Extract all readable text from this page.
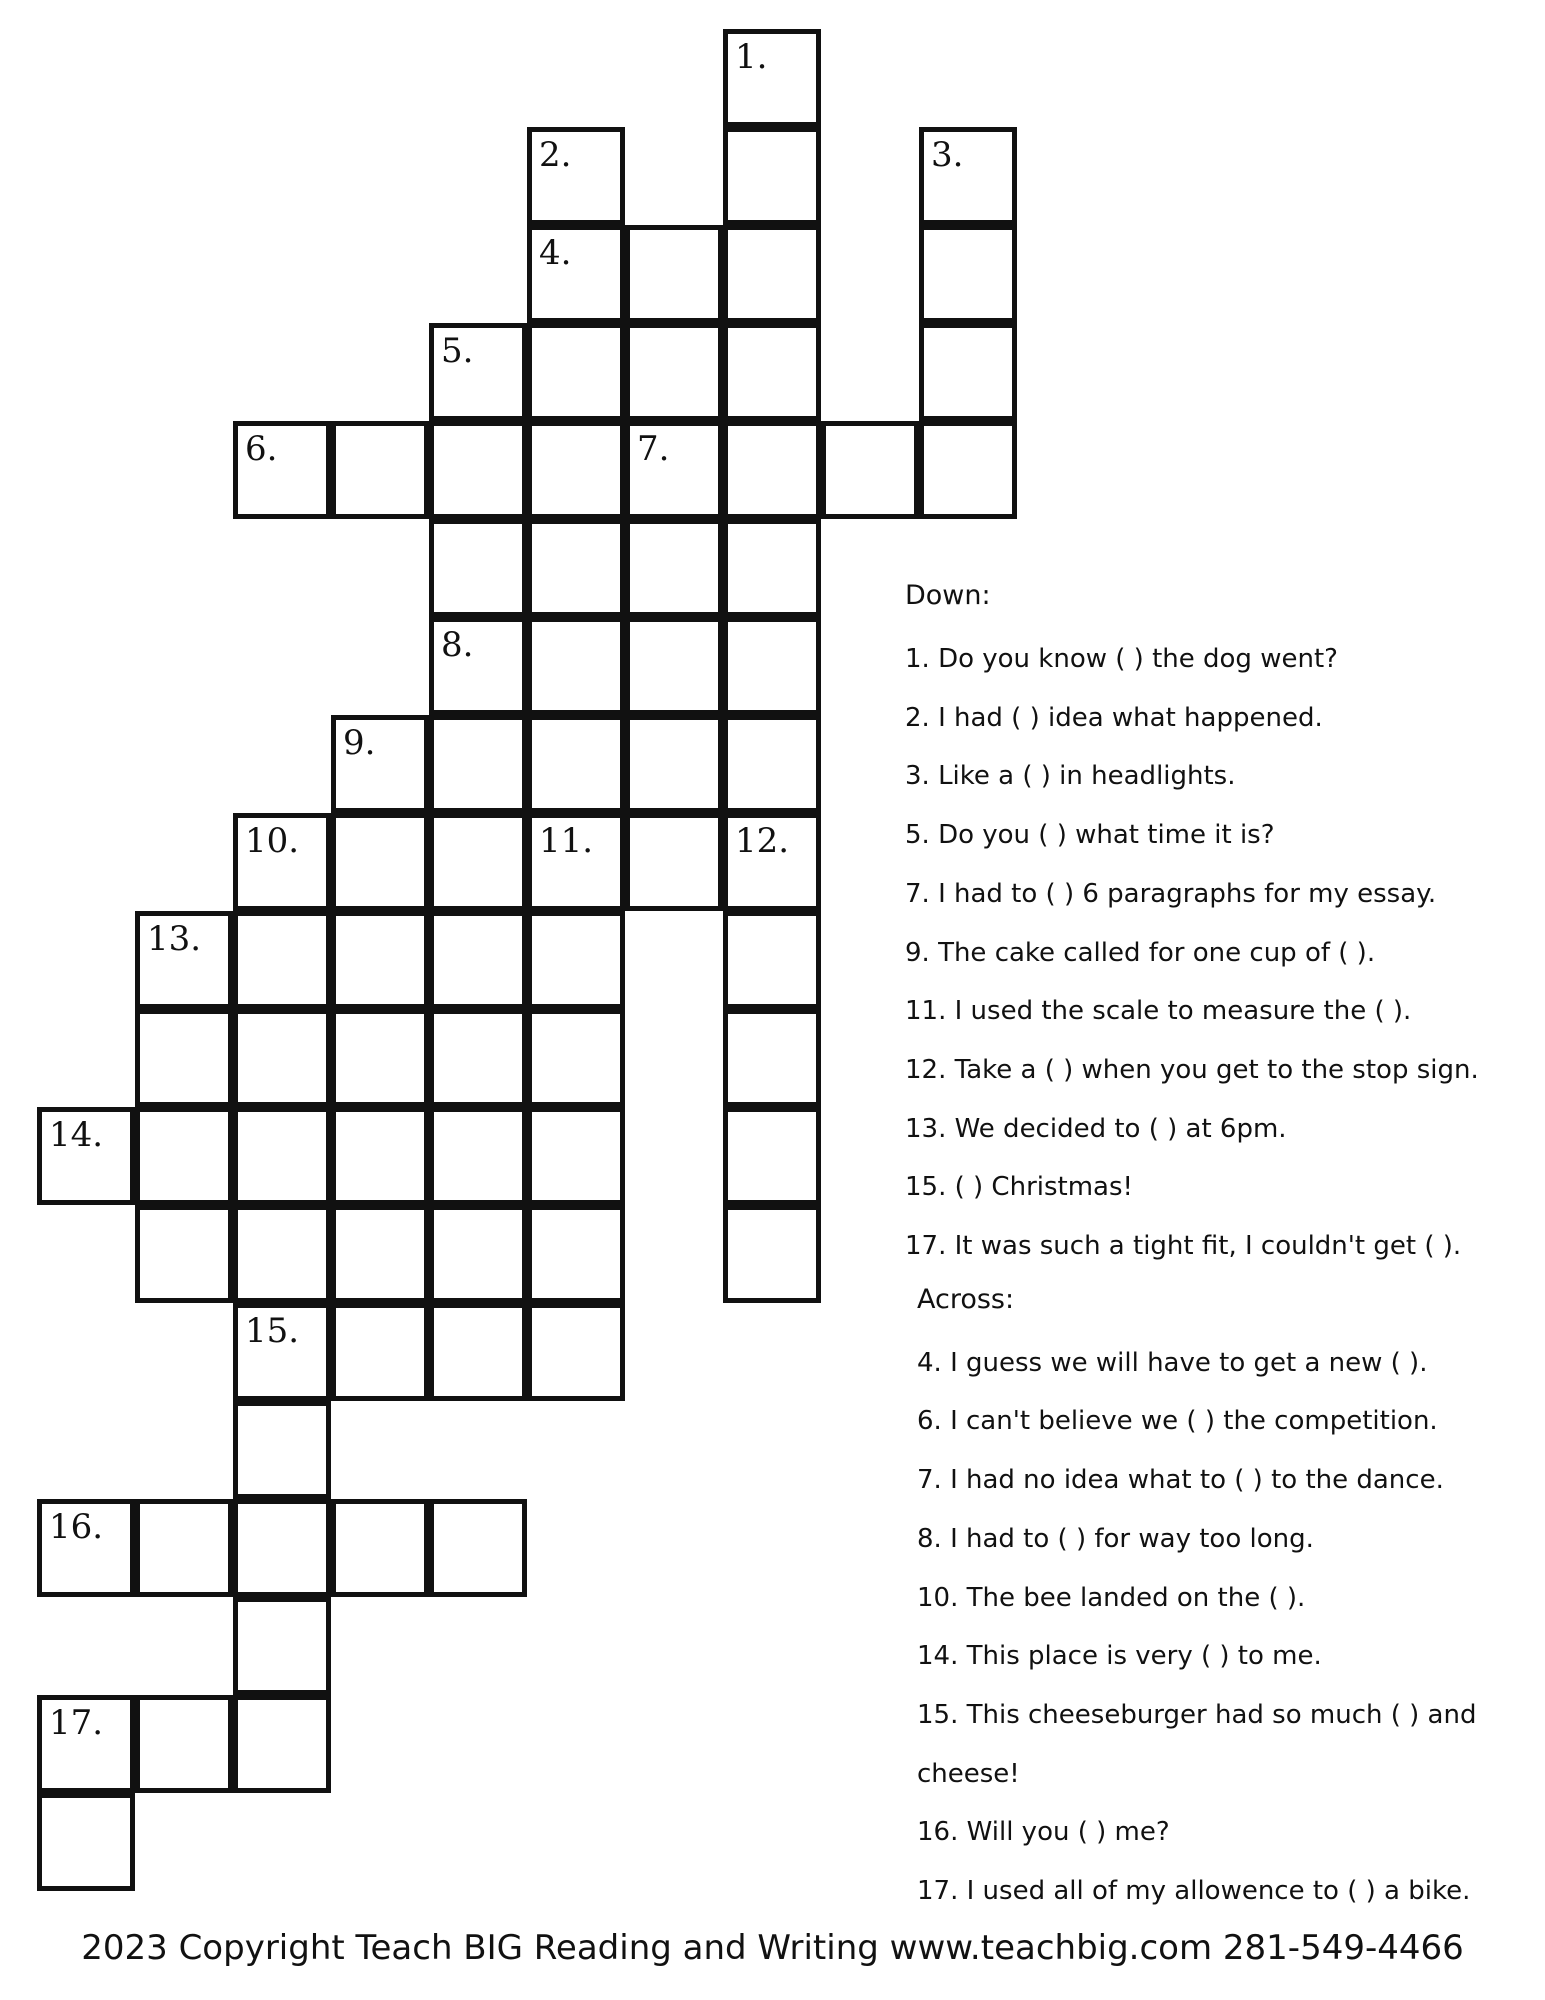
1.
2.	3.
4.
5.
6.	7.
8.
9.
10.	11.	12.
13.
14.
15.
16.
17.
Down:
1. Do you know ( ) the dog went?
2. I had ( ) idea what happened.
3. Like a ( ) in headlights.
5. Do you ( ) what time it is?
7. I had to ( ) 6 paragraphs for my essay.
9. The cake called for one cup of ( ).
11. I used the scale to measure the ( ).
12. Take a ( ) when you get to the stop sign.
13. We decided to ( ) at 6pm.
15. ( ) Christmas!
17. It was such a tight fit, I couldn't get ( ).
Across:
4. I guess we will have to get a new ( ).
6. I can't believe we ( ) the competition.
7. I had no idea what to ( ) to the dance.
8. I had to ( ) for way too long.
10. The bee landed on the ( ).
14. This place is very ( ) to me.
15. This cheeseburger had so much ( ) and cheese!
16. Will you ( ) me?
17. I used all of my allowence to ( ) a bike.
2023 Copyright Teach BIG Reading and Writing www.teachbig.com 281-549-4466
